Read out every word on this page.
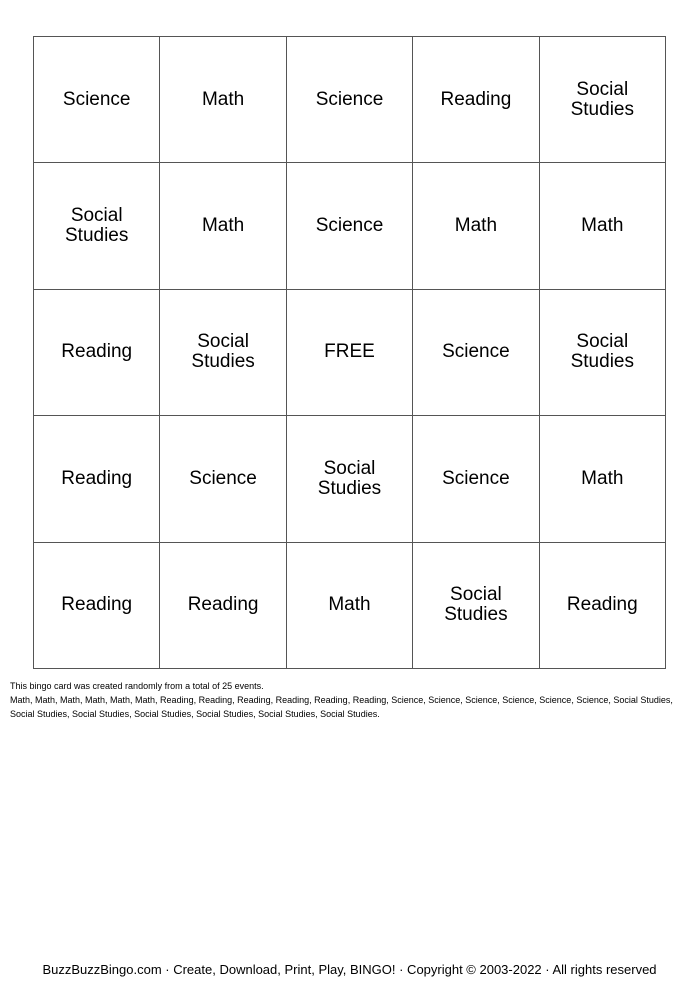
Science	Math	Science	Reading	Social Studies
Social Studies	Math	Science	Math	Math
Reading	Social Studies	FREE	Science	Social Studies
Reading	Science	Social Studies	Science	Math
Reading	Reading	Math	Social Studies	Reading
This bingo card was created randomly from a total of 25 events.
Math, Math, Math, Math, Math, Math, Reading, Reading, Reading, Reading, Reading, Reading, Science, Science, Science, Science, Science, Science, Social Studies, Social Studies, Social Studies, Social Studies, Social Studies, Social Studies, Social Studies.
BuzzBuzzBingo.com · Create, Download, Print, Play, BINGO! · Copyright © 2003-2022 · All rights reserved
